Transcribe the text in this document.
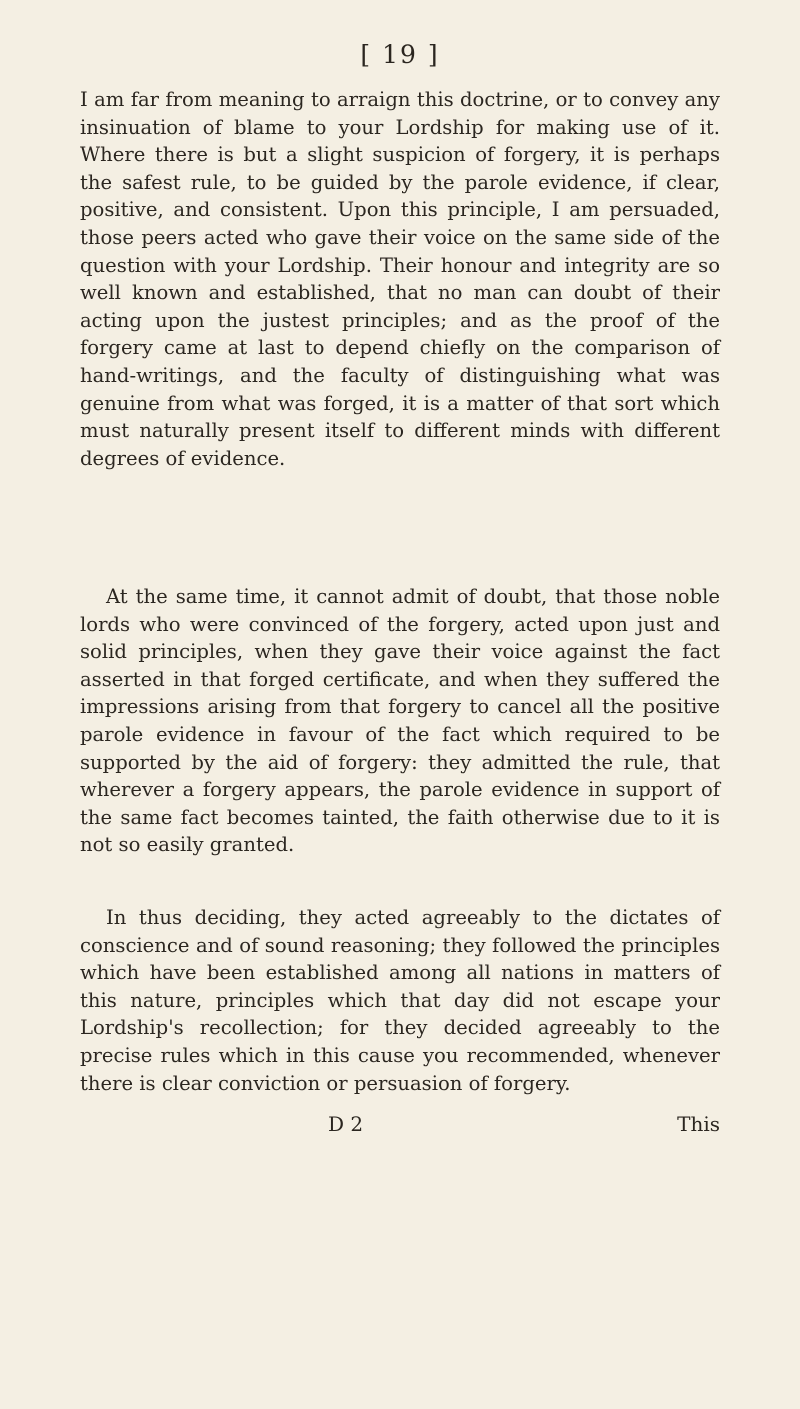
[ 19 ]

I am far from meaning to arraign this doctrine, or to convey any insinuation of blame to your Lordship for making use of it. Where there is but a slight suspicion of forgery, it is perhaps the safest rule, to be guided by the parole evidence, if clear, positive, and consistent. Upon this principle, I am persuaded, those peers acted who gave their voice on the same side of the question with your Lordship. Their honour and integrity are so well known and established, that no man can doubt of their acting upon the justest principles; and as the proof of the forgery came at last to depend chiefly on the comparison of hand-writings, and the faculty of distinguishing what was genuine from what was forged, it is a matter of that sort which must naturally present itself to different minds with different degrees of evidence.

At the same time, it cannot admit of doubt, that those noble lords who were convinced of the forgery, acted upon just and solid principles, when they gave their voice against the fact asserted in that forged certificate, and when they suffered the impressions arising from that forgery to cancel all the positive parole evidence in favour of the fact which required to be supported by the aid of forgery: they admitted the rule, that wherever a forgery appears, the parole evidence in support of the same fact becomes tainted, the faith otherwise due to it is not so easily granted.

In thus deciding, they acted agreeably to the dictates of conscience and of sound reasoning; they followed the principles which have been established among all nations in matters of this nature, principles which that day did not escape your Lordship's recollection; for they decided agreeably to the precise rules which in this cause you recommended, whenever there is clear conviction or persuasion of forgery.

D 2	This
